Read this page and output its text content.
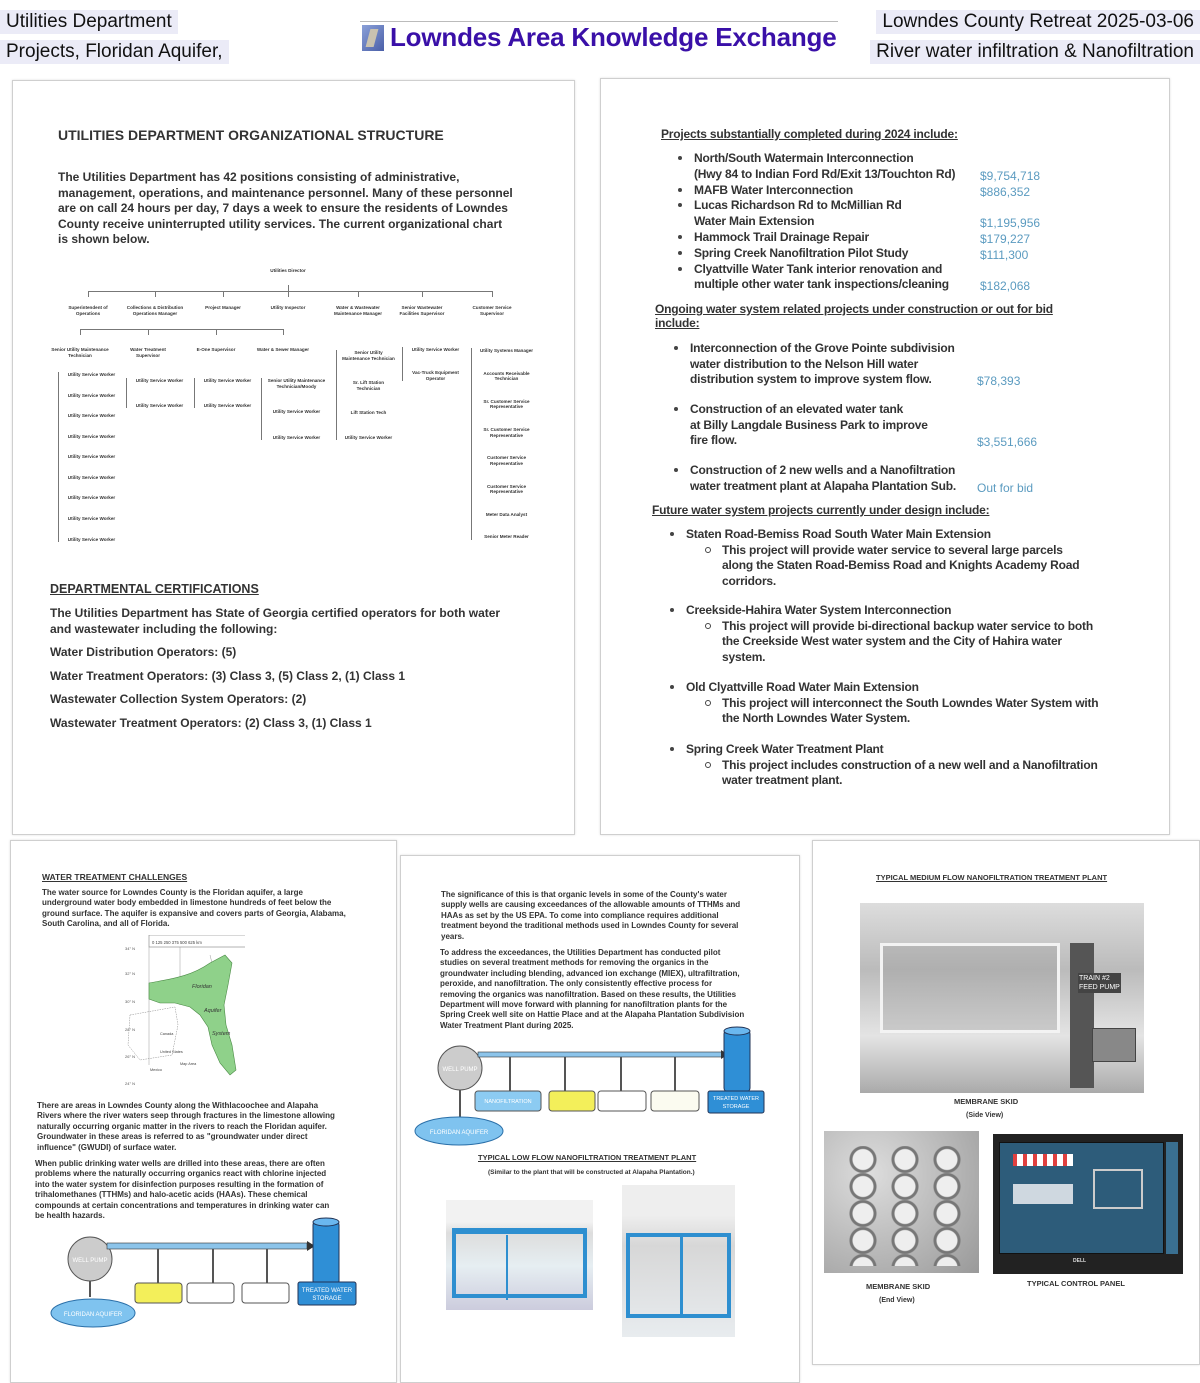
Utilities Department
Projects, Floridan Aquifer,	Lowndes Area Knowledge Exchange
Lowndes County Retreat 2025-03-06
River water infiltration & Nanofiltration
UTILITIES DEPARTMENT ORGANIZATIONAL STRUCTURE
The Utilities Department has 42 positions consisting of administrative,
management, operations, and maintenance personnel. Many of these personnel
are on call 24 hours per day, 7 days a week to ensure the residents of Lowndes
County receive uninterrupted utility services. The current organizational chart
is shown below.
Utilities Director
Superintendent of Operations
Collections & Distribution Operations Manager
Project Manager	Utility Inspector	Water & Wastewater Maintenance Manager
Senior Wastewater Facilities Supervisor
Customer Service Supervisor
Senior Utility Maintenance Technician
Water Treatment Supervisor
E-One Supervisor	Water & Sewer Manager
Utility Service Worker
Utility Service Worker
Utility Service Worker
Utility Service Worker
Utility Service Worker
Utility Service Worker
Utility Service Worker
Utility Service Worker
Utility Service Worker
Utility Service Worker
Utility Service Worker
Utility Service Worker
Utility Service Worker
Senior Utility Maintenance Technician/Moody
Utility Service Worker
Utility Service Worker
Senior Utility Maintenance Technician
Sr. Lift Station Technician
Lift Station Tech
Utility Service Worker
Utility Service Worker
Vac-Truck Equipment Operator
Utility Systems Manager
Accounts Receivable Technician
Sr. Customer Service Representative
Sr. Customer Service Representative
Customer Service Representative
Customer Service Representative
Meter Data Analyst
Senior Meter Reader
DEPARTMENTAL CERTIFICATIONS
The Utilities Department has State of Georgia certified operators for both water
and wastewater including the following:
Water Distribution Operators: (5)
Water Treatment Operators: (3) Class 3, (5) Class 2, (1) Class 1
Wastewater Collection System Operators: (2)
Wastewater Treatment Operators: (2) Class 3, (1) Class 1
Projects substantially completed during 2024 include:
North/South Watermain Interconnection
(Hwy 84 to Indian Ford Rd/Exit 13/Touchton Rd) $9,754,718
MAFB Water Interconnection	$886,352
Lucas Richardson Rd to McMillian Rd
Water Main Extension	$1,195,956
Hammock Trail Drainage Repair	$179,227
Spring Creek Nanofiltration Pilot Study	$111,300
Clyattville Water Tank interior renovation and
multiple other water tank inspections/cleaning	$182,068
Ongoing water system related projects under construction or out for bid
include:
Interconnection of the Grove Pointe subdivision
water distribution to the Nelson Hill water
distribution system to improve system flow.	$78,393
Construction of an elevated water tank
at Billy Langdale Business Park to improve
fire flow.	$3,551,666
Construction of 2 new wells and a Nanofiltration
water treatment plant at Alapaha Plantation Sub. Out for bid
Future water system projects currently under design include:
Staten Road-Bemiss Road South Water Main Extension
This project will provide water service to several large parcels
along the Staten Road-Bemiss Road and Knights Academy Road
corridors.
Creekside-Hahira Water System Interconnection
This project will provide bi-directional backup water service to both
the Creekside West water system and the City of Hahira water
system.
Old Clyattville Road Water Main Extension
This project will interconnect the South Lowndes Water System with
the North Lowndes Water System.
Spring Creek Water Treatment Plant
This project includes construction of a new well and a Nanofiltration
water treatment plant.
WATER TREATMENT CHALLENGES
The water source for Lowndes County is the Floridan aquifer, a large
underground water body embedded in limestone hundreds of feet below the
ground surface. The aquifer is expansive and covers parts of Georgia, Alabama,
South Carolina, and all of Florida.
0 125 250 375 500 625 km
34° N
32° N
30° N
28° N
26° N
24° N
Floridan
Aquifer
System
Canada
United States
Map Area
Mexico
There are areas in Lowndes County along the Withlacoochee and Alapaha
Rivers where the river waters seep through fractures in the limestone allowing
naturally occurring organic matter in the rivers to reach the Floridan aquifer.
Groundwater in these areas is referred to as "groundwater under direct
influence" (GWUDI) of surface water.
When public drinking water wells are drilled into these areas, there are often
problems where the naturally occurring organics react with chlorine injected
into the water system for disinfection purposes resulting in the formation of
trihalomethanes (TTHMs) and halo-acetic acids (HAAs). These chemical
compounds at certain concentrations and temperatures in drinking water can
be health hazards.
WELL PUMP
TREATED WATER
STORAGE
FLORIDAN AQUIFER
The significance of this is that organic levels in some of the County's water
supply wells are causing exceedances of the allowable amounts of TTHMs and
HAAs as set by the US EPA. To come into compliance requires additional
treatment beyond the traditional methods used in Lowndes County for several
years.
To address the exceedances, the Utilities Department has conducted pilot
studies on several treatment methods for removing the organics in the
groundwater including blending, advanced ion exchange (MIEX), ultrafiltration,
peroxide, and nanofiltration. The only consistently effective process for
removing the organics was nanofiltration. Based on these results, the Utilities
Department will move forward with planning for nanofiltration plants for the
Spring Creek well site on Hattie Place and at the Alapaha Plantation Subdivision
Water Treatment Plant during 2025.
WELL PUMP
NANOFILTRATION	TREATED WATER
STORAGE
FLORIDAN AQUIFER
TYPICAL LOW FLOW NANOFILTRATION TREATMENT PLANT
(Similar to the plant that will be constructed at Alapaha Plantation.)
TYPICAL MEDIUM FLOW NANOFILTRATION TREATMENT PLANT
TRAIN #2
FEED PUMP
MEMBRANE SKID
(Side View)
MEMBRANE SKID
(End View)
DELL
TYPICAL CONTROL PANEL
